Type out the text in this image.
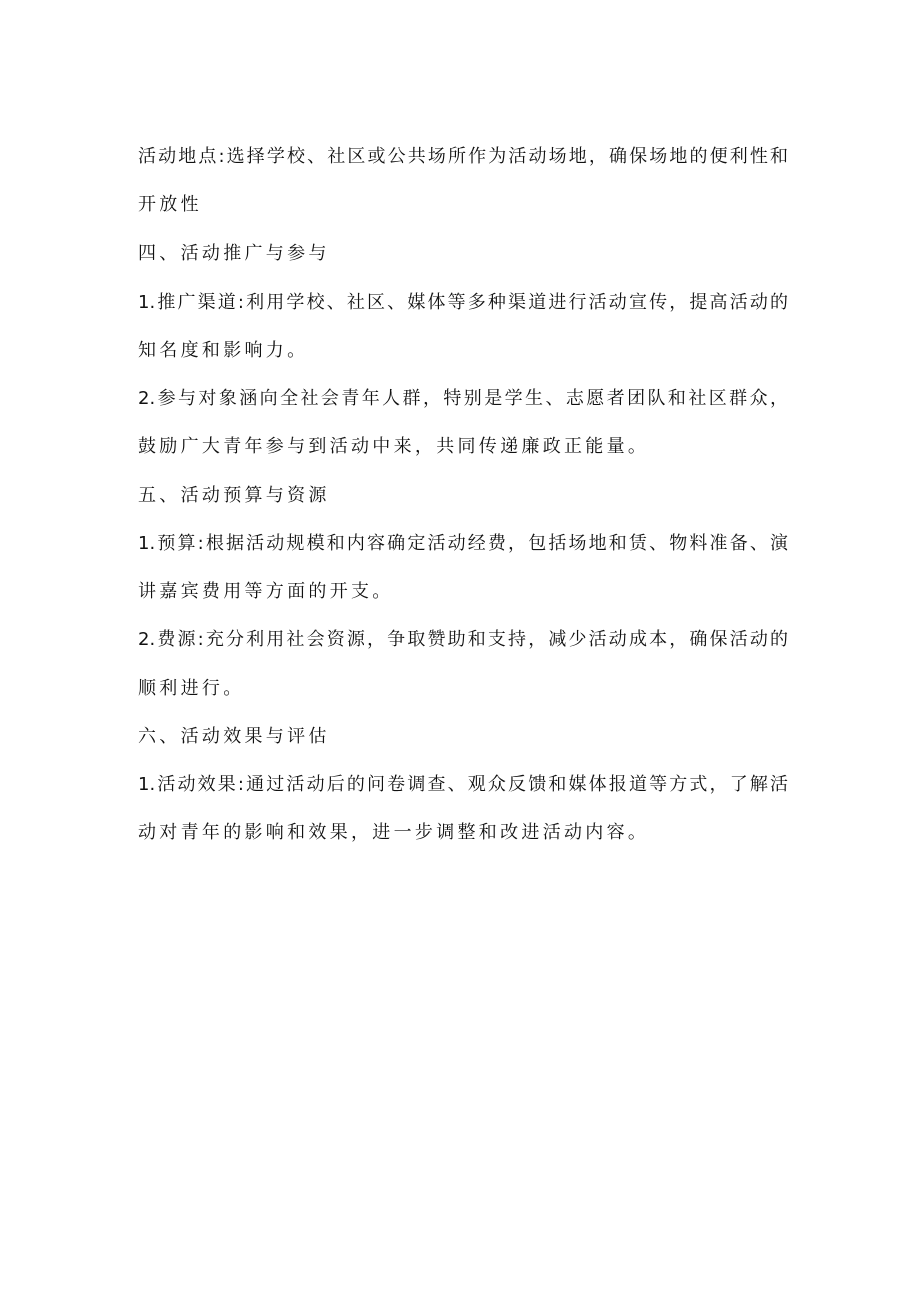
活动地点:选择学校、社区或公共场所作为活动场地，确保场地的便利性和
开放性
四、活动推广与参与
1.推广渠道:利用学校、社区、媒体等多种渠道进行活动宣传，提高活动的
知名度和影响力。
2.参与对象涵向全社会青年人群，特别是学生、志愿者团队和社区群众，
鼓励广大青年参与到活动中来，共同传递廉政正能量。
五、活动预算与资源
1.预算:根据活动规模和内容确定活动经费，包括场地和赁、物料准备、演
讲嘉宾费用等方面的开支。
2.费源:充分利用社会资源，争取赞助和支持，减少活动成本，确保活动的
顺利进行。
六、活动效果与评估
1.活动效果:通过活动后的问卷调查、观众反馈和媒体报道等方式，了解活
动对青年的影响和效果，进一步调整和改进活动内容。
